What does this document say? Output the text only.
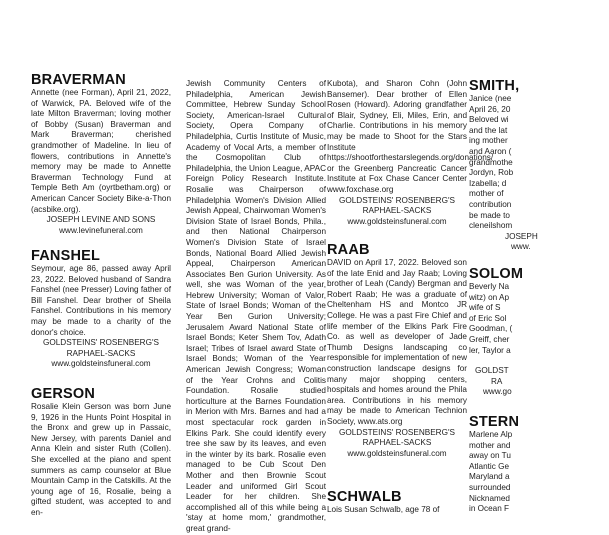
BRAVERMAN

Annette (nee Forman), April 21, 2022, of Warwick, PA. Beloved wife of the late Milton Braverman; loving mother of Bobby (Susan) Braverman and Mark Braverman; cherished grandmother of Madeline. In lieu of flowers, contributions in Annette's memory may be made to Annette Braverman Technology Fund at Temple Beth Am (oyrtbetham.org) or American Cancer Society Bike-a-Thon (acsbike.org).

JOSEPH LEVINE AND SONS

www.levinefuneral.com

FANSHEL

Seymour, age 86, passed away April 23, 2022. Beloved husband of Sandra Fanshel (nee Presser) Loving father of Bill Fanshel. Dear brother of Sheila Fanshel. Contributions in his memory may be made to a charity of the donor's choice.

GOLDSTEINS' ROSENBERG'S

RAPHAEL-SACKS

www.goldsteinsfuneral.com

GERSON

Rosalie Klein Gerson was born June 9, 1926 in the Hunts Point Hospital in the Bronx and grew up in Passaic, New Jersey, with parents Daniel and Anna Klein and sister Ruth (Collen). She excelled at the piano and spent summers as camp counselor at Blue Mountain Camp in the Catskills. At the young age of 16, Rosalie, being a gifted student, was accepted to and en-

Jewish Community Centers of Philadelphia, American Jewish Committee, Hebrew Sunday School Society, American-Israel Cultural Society, Opera Company of Philadelphia, Curtis Institute of Music, Academy of Vocal Arts, a member of the Cosmopolitan Club of Philadelphia, the Union League, APAC Foreign Policy Research Institute. Rosalie was Chairperson of Philadelphia Women's Division Allied Jewish Appeal, Chairwoman Women's Division State of Israel Bonds, Phila., and then National Chairperson Women's Division State of Israel Bonds, National Board Allied Jewish Appeal, Chairperson American Associates Ben Gurion University. As well, she was Woman of the year, Hebrew University; Woman of Valor, State of Israel Bonds; Woman of the Year Ben Gurion University; Jerusalem Award National State of Israel Bonds; Keter Shem Tov, Adath Israel; Tribes of Israel award State of Israel Bonds; Woman of the Year American Jewish Congress; Woman of the Year Crohns and Colitis Foundation. Rosalie studied horticulture at the Barnes Foundation in Merion with Mrs. Barnes and had a most spectacular rock garden in Elkins Park. She could identify every tree she saw by its leaves, and even in the winter by its bark. Rosalie even managed to be Cub Scout Den Mother and then Brownie Scout Leader and uniformed Girl Scout Leader for her children. She accomplished all of this while being a 'stay at home mom,' grandmother, great grand-

Kubota), and Sharon Cohn (John Bansemer). Dear brother of Ellen Rosen (Howard). Adoring grandfather of Blair, Sydney, Eli, Miles, Erin, and Charlie. Contributions in his memory may be made to Shoot for the Stars Institute https://shootforthestarslegends.org/donations/ or the Greenberg Pancreatic Cancer Institute at Fox Chase Cancer Center www.foxchase.org

GOLDSTEINS' ROSENBERG'S

RAPHAEL-SACKS

www.goldsteinsfuneral.com

RAAB

DAVID on April 17, 2022. Beloved son of the late Enid and Jay Raab; Loving brother of Leah (Candy) Bergman and Robert Raab; He was a graduate of Cheltenham HS and Montco JR College. He was a past Fire Chief and life member of the Elkins Park Fire Co. as well as developer of Jade Thumb Designs landscaping co responsible for implementation of new construction landscape designs for many major shopping centers, hospitals and homes around the Phila area. Contributions in his memory may be made to American Technion Society, www.ats.org

GOLDSTEINS' ROSENBERG'S

RAPHAEL-SACKS

www.goldsteinsfuneral.com

SCHWALB

Lois Susan Schwalb, age 78 of

SMITH,

Janice (nee

April 26, 20

Beloved wi

and the lat

ing mother

and Aaron (

grandmothe

Jordyn, Rob

Izabella; d

mother of

contribution

be made to

cleneilshom

JOSEPH

www.

SOLOM

Beverly Na

witz) on Ap

wife of S

of Eric Sol

Goodman, (

Greiff, cher

ler, Taylor a

GOLDST

RA

www.go

STERN

Marlene Alp

mother and

away on Tu

Atlantic Ge

Maryland a

surrounded

Nicknamed

in Ocean F
